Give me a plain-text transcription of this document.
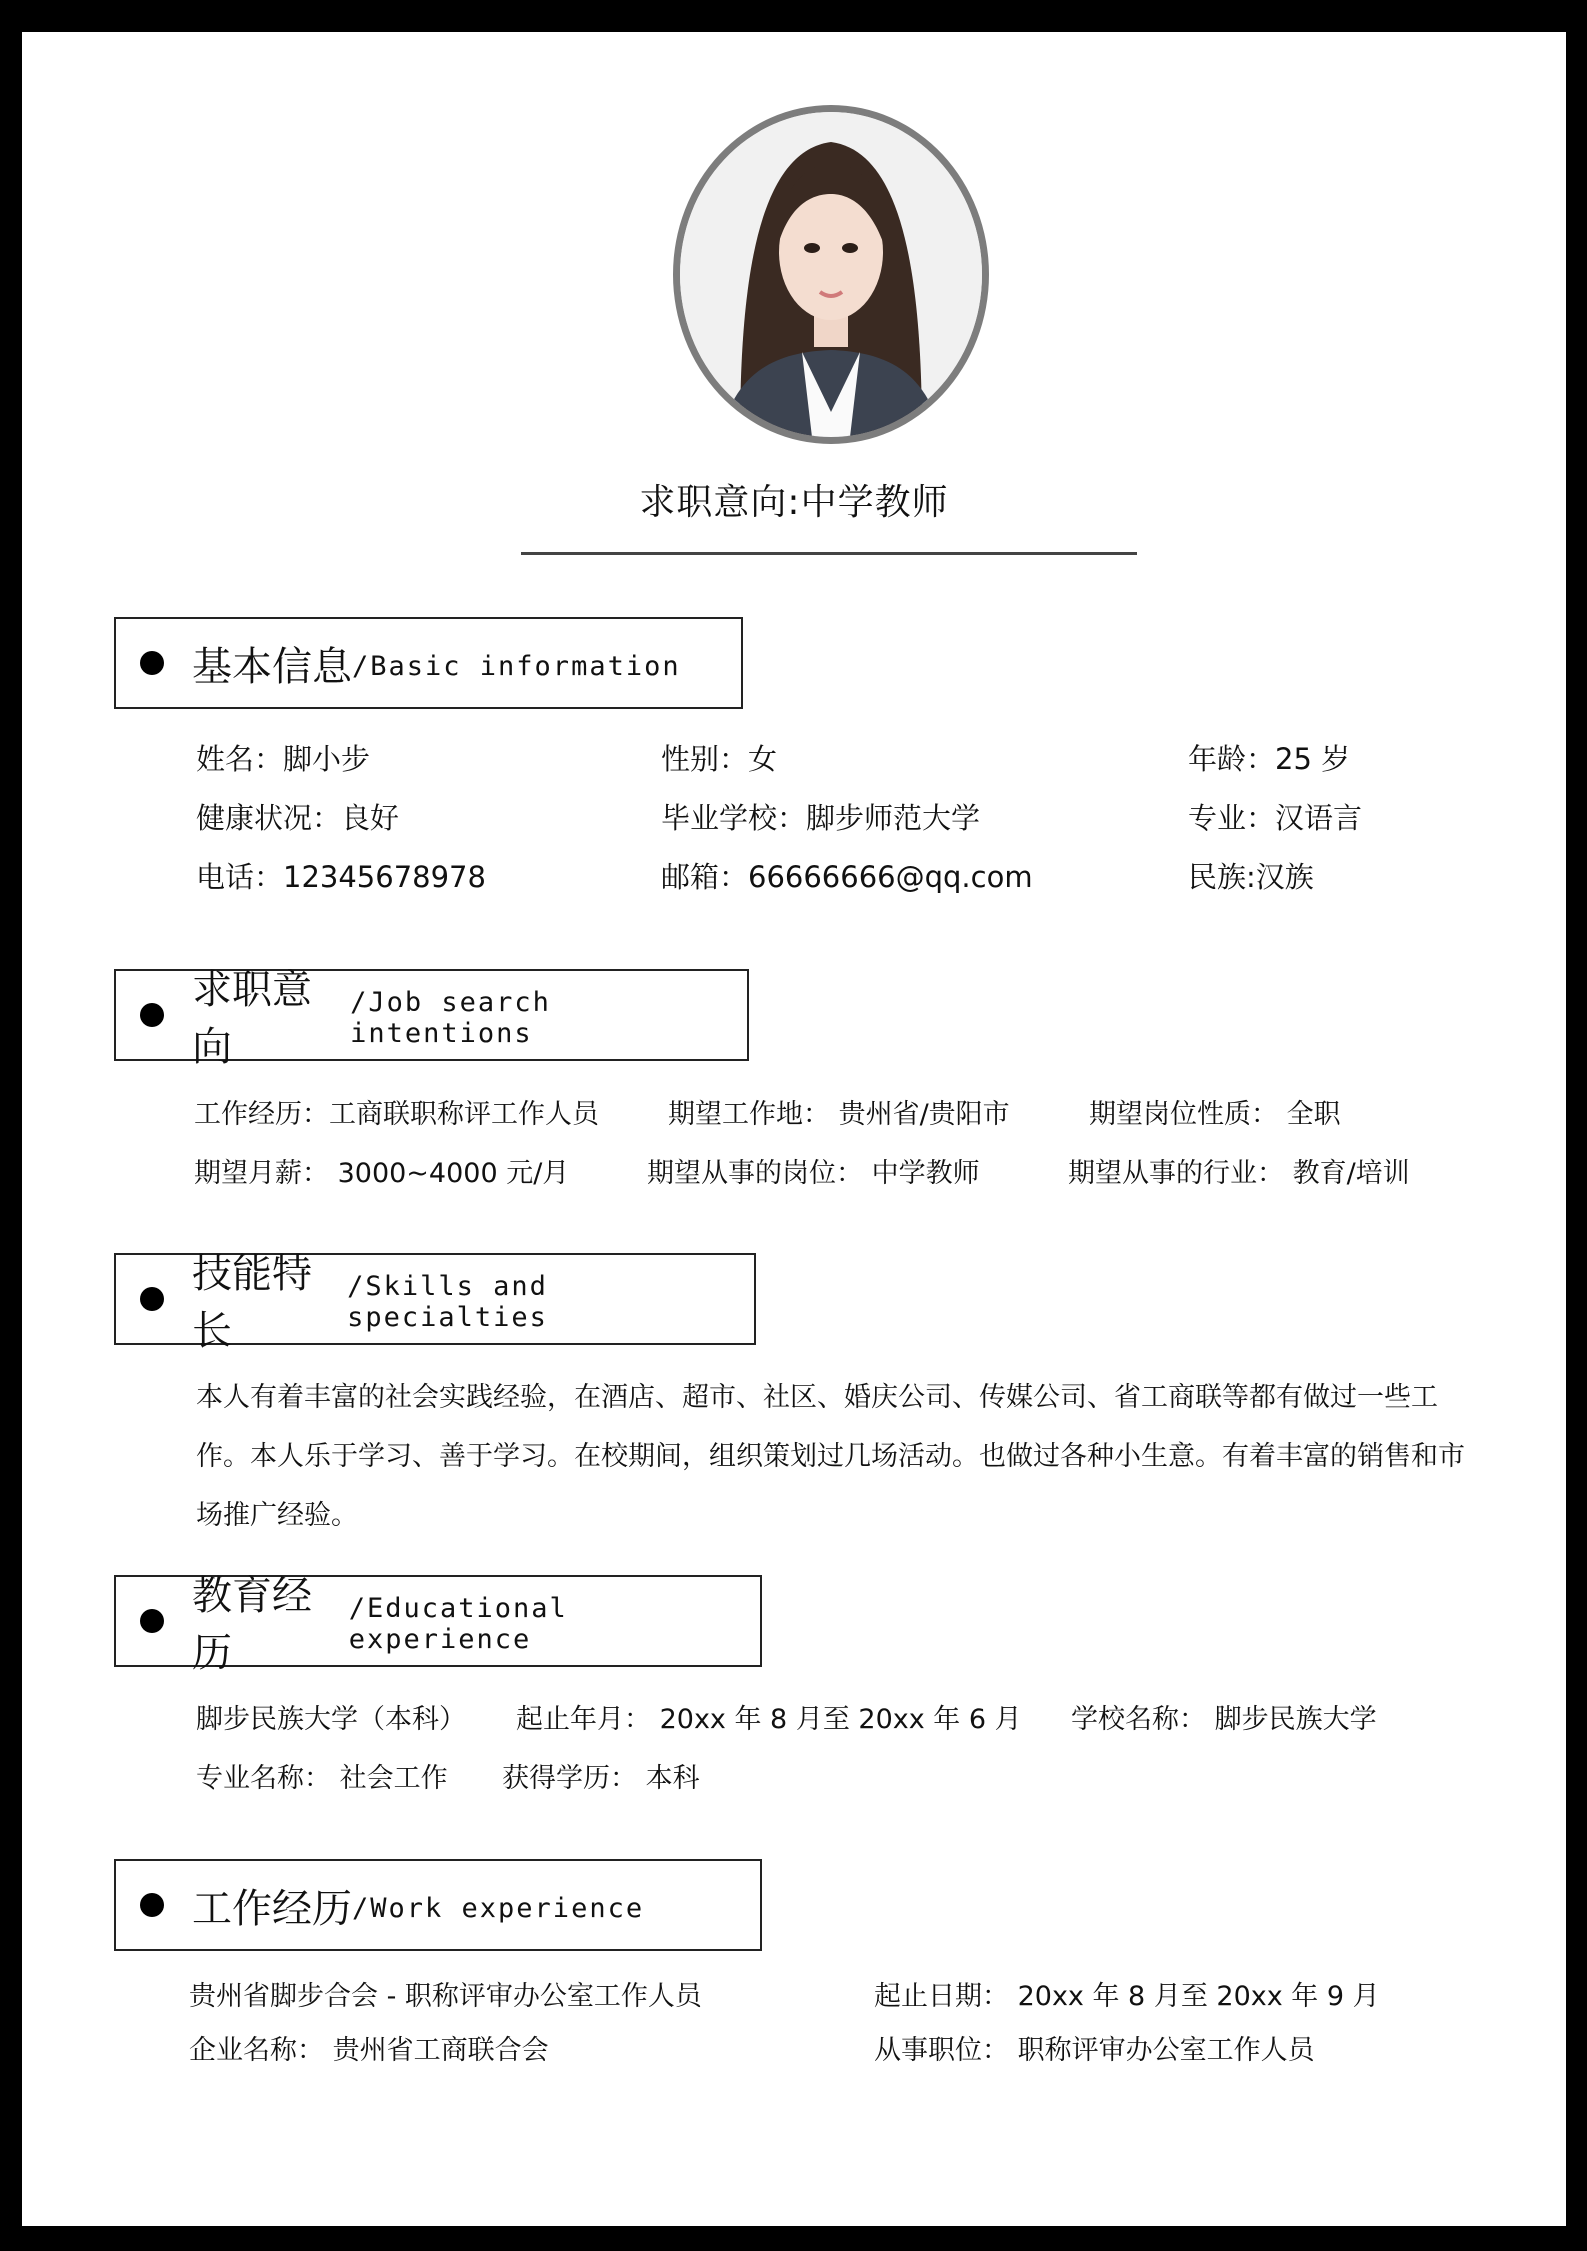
求职意向:中学教师
基本信息 /Basic information
姓名：脚小步	性别：女	年龄：25 岁
健康状况：良好	毕业学校：脚步师范大学	专业：汉语言
电话：12345678978	邮箱：66666666@qq.com	民族:汉族
求职意向
/Job search intentions
工作经历：工商联职称评工作人员	期望工作地： 贵州省/贵阳市	期望岗位性质： 全职
期望月薪： 3000~4000 元/月	期望从事的岗位： 中学教师	期望从事的行业： 教育/培训
技能特长
/Skills and specialties
本人有着丰富的社会实践经验，在酒店、超市、社区、婚庆公司、传媒公司、省工商联等都有做过一些工作。本人乐于学习、善于学习。在校期间，组织策划过几场活动。也做过各种小生意。有着丰富的销售和市场推广经验。
教育经历
/Educational experience
脚步民族大学（本科） 起止年月： 20xx 年 8 月至 20xx 年 6 月 学校名称： 脚步民族大学
专业名称： 社会工作 获得学历： 本科
工作经历 /Work experience
贵州省脚步合会 - 职称评审办公室工作人员	起止日期： 20xx 年 8 月至 20xx 年 9 月
企业名称： 贵州省工商联合会	从事职位： 职称评审办公室工作人员
